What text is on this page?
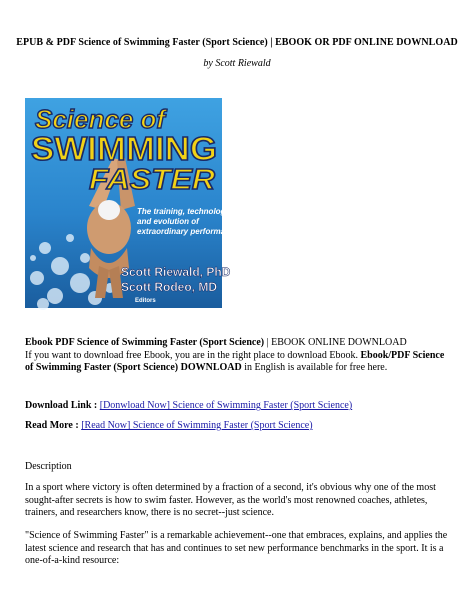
EPUB & PDF Science of Swimming Faster (Sport Science) | EBOOK OR PDF ONLINE DOWNLOAD
by Scott Riewald
Science of
SWIMMING
FASTER
The training, technology,
and evolution of
extraordinary performance
Scott Riewald, PhD
Scott Rodeo, MD
Editors
Ebook PDF Science of Swimming Faster (Sport Science) | EBOOK ONLINE DOWNLOAD
If you want to download free Ebook, you are in the right place to download Ebook. Ebook/PDF Science of Swimming Faster (Sport Science) DOWNLOAD in English is available for free here.
Download Link : [Donwload Now] Science of Swimming Faster (Sport Science)
Read More : [Read Now] Science of Swimming Faster (Sport Science)
Description
In a sport where victory is often determined by a fraction of a second, it's obvious why one of the most sought-after secrets is how to swim faster. However, as the world's most renowned coaches, athletes, trainers, and researchers know, there is no secret--just science.
"Science of Swimming Faster" is a remarkable achievement--one that embraces, explains, and applies the latest science and research that has and continues to set new performance benchmarks in the sport. It is a one-of-a-kind resource:
